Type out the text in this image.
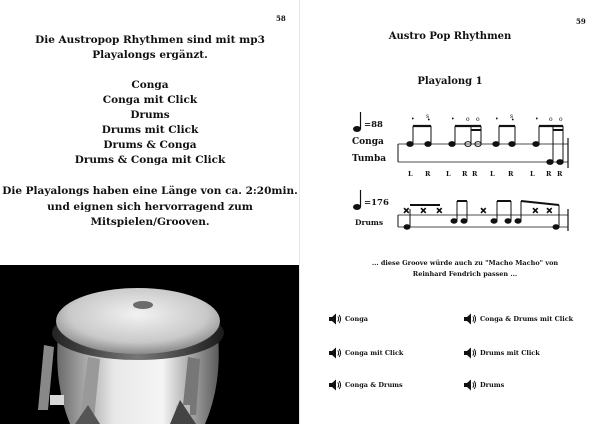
58
Die Austropop Rhythmen sind mit mp3
Playalongs ergänzt.
Conga
Conga mit Click
Drums
Drums mit Click
Drums & Conga
Drums & Conga mit Click
Die Playalongs haben eine Länge von ca. 2:20min.
und eignen sich hervorragend zum
Mitspielen/Grooven.
59
Austro Pop Rhythmen
Playalong 1
=88
Conga
Tumba
• s
•	• o o	• s
•	• o o
L R L R R L R	L R R
=176
Drums
× × ×	×	× ×
... diese Groove würde auch zu "Macho Macho" von
Reinhard Fendrich passen ...
Conga	Conga & Drums mit Click
Conga mit Click	Drums mit Click
Conga & Drums	Drums
